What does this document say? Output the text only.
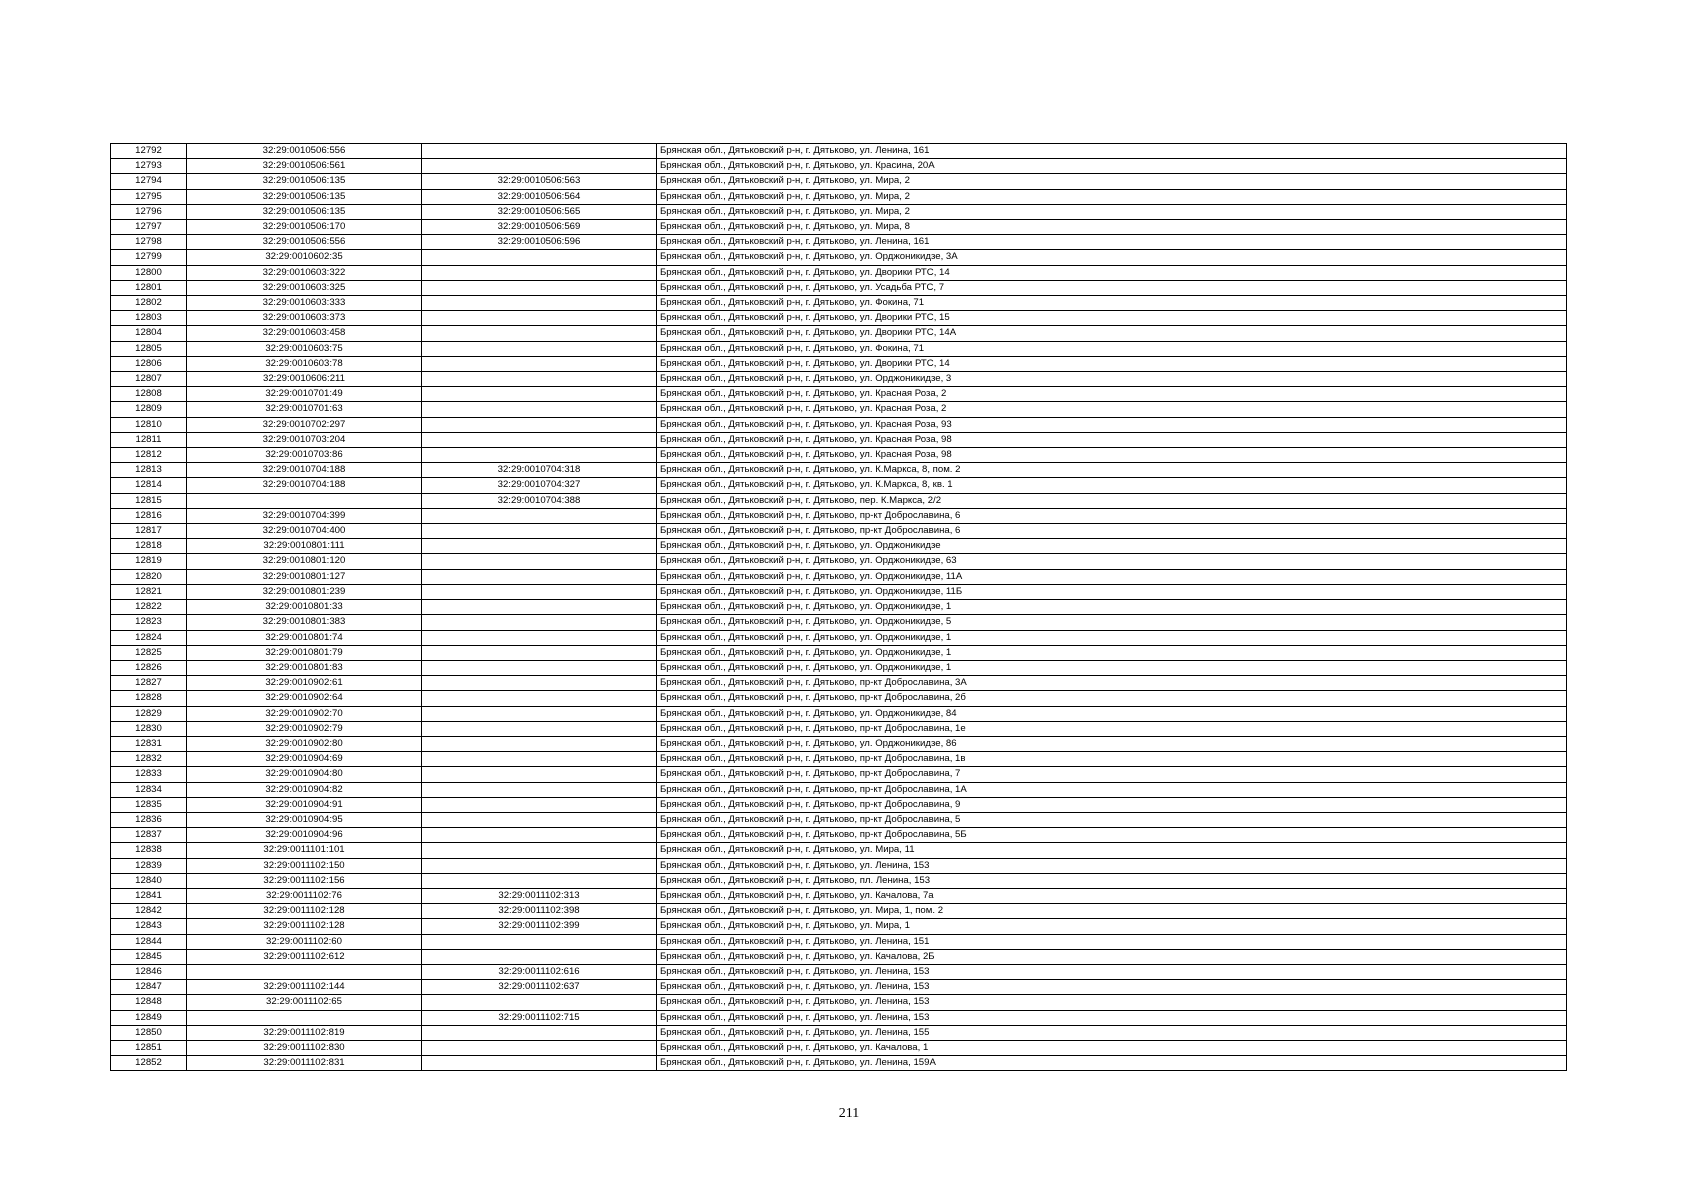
12792	32:29:0010506:556		Брянская обл., Дятьковский р-н, г. Дятьково, ул. Ленина, 161
12793	32:29:0010506:561		Брянская обл., Дятьковский р-н, г. Дятьково, ул. Красина, 20А
12794	32:29:0010506:135	32:29:0010506:563	Брянская обл., Дятьковский р-н, г. Дятьково, ул. Мира, 2
12795	32:29:0010506:135	32:29:0010506:564	Брянская обл., Дятьковский р-н, г. Дятьково, ул. Мира, 2
12796	32:29:0010506:135	32:29:0010506:565	Брянская обл., Дятьковский р-н, г. Дятьково, ул. Мира, 2
12797	32:29:0010506:170	32:29:0010506:569	Брянская обл., Дятьковский р-н, г. Дятьково, ул. Мира, 8
12798	32:29:0010506:556	32:29:0010506:596	Брянская обл., Дятьковский р-н, г. Дятьково, ул. Ленина, 161
12799	32:29:0010602:35		Брянская обл., Дятьковский р-н, г. Дятьково, ул. Орджоникидзе, 3А
12800	32:29:0010603:322		Брянская обл., Дятьковский р-н, г. Дятьково, ул. Дворики РТС, 14
12801	32:29:0010603:325		Брянская обл., Дятьковский р-н, г. Дятьково, ул. Усадьба РТС, 7
12802	32:29:0010603:333		Брянская обл., Дятьковский р-н, г. Дятьково, ул. Фокина, 71
12803	32:29:0010603:373		Брянская обл., Дятьковский р-н, г. Дятьково, ул. Дворики РТС, 15
12804	32:29:0010603:458		Брянская обл., Дятьковский р-н, г. Дятьково, ул. Дворики РТС, 14А
12805	32:29:0010603:75		Брянская обл., Дятьковский р-н, г. Дятьково, ул. Фокина, 71
12806	32:29:0010603:78		Брянская обл., Дятьковский р-н, г. Дятьково, ул. Дворики РТС, 14
12807	32:29:0010606:211		Брянская обл., Дятьковский р-н, г. Дятьково, ул. Орджоникидзе, 3
12808	32:29:0010701:49		Брянская обл., Дятьковский р-н, г. Дятьково, ул. Красная Роза, 2
12809	32:29:0010701:63		Брянская обл., Дятьковский р-н, г. Дятьково, ул. Красная Роза, 2
12810	32:29:0010702:297		Брянская обл., Дятьковский р-н, г. Дятьково, ул. Красная Роза, 93
12811	32:29:0010703:204		Брянская обл., Дятьковский р-н, г. Дятьково, ул. Красная Роза, 98
12812	32:29:0010703:86		Брянская обл., Дятьковский р-н, г. Дятьково, ул. Красная Роза, 98
12813	32:29:0010704:188	32:29:0010704:318	Брянская обл., Дятьковский р-н, г. Дятьково, ул. К.Маркса, 8, пом. 2
12814	32:29:0010704:188	32:29:0010704:327	Брянская обл., Дятьковский р-н, г. Дятьково, ул. К.Маркса, 8, кв. 1
12815		32:29:0010704:388	Брянская обл., Дятьковский р-н, г. Дятьково, пер. К.Маркса, 2/2
12816	32:29:0010704:399		Брянская обл., Дятьковский р-н, г. Дятьково, пр-кт Доброславина, 6
12817	32:29:0010704:400		Брянская обл., Дятьковский р-н, г. Дятьково, пр-кт Доброславина, 6
12818	32:29:0010801:111		Брянская обл., Дятьковский р-н, г. Дятьково, ул. Орджоникидзе
12819	32:29:0010801:120		Брянская обл., Дятьковский р-н, г. Дятьково, ул. Орджоникидзе, 63
12820	32:29:0010801:127		Брянская обл., Дятьковский р-н, г. Дятьково, ул. Орджоникидзе, 11А
12821	32:29:0010801:239		Брянская обл., Дятьковский р-н, г. Дятьково, ул. Орджоникидзе, 11Б
12822	32:29:0010801:33		Брянская обл., Дятьковский р-н, г. Дятьково, ул. Орджоникидзе, 1
12823	32:29:0010801:383		Брянская обл., Дятьковский р-н, г. Дятьково, ул. Орджоникидзе, 5
12824	32:29:0010801:74		Брянская обл., Дятьковский р-н, г. Дятьково, ул. Орджоникидзе, 1
12825	32:29:0010801:79		Брянская обл., Дятьковский р-н, г. Дятьково, ул. Орджоникидзе, 1
12826	32:29:0010801:83		Брянская обл., Дятьковский р-н, г. Дятьково, ул. Орджоникидзе, 1
12827	32:29:0010902:61		Брянская обл., Дятьковский р-н, г. Дятьково, пр-кт Доброславина, 3А
12828	32:29:0010902:64		Брянская обл., Дятьковский р-н, г. Дятьково, пр-кт Доброславина, 2б
12829	32:29:0010902:70		Брянская обл., Дятьковский р-н, г. Дятьково, ул. Орджоникидзе, 84
12830	32:29:0010902:79		Брянская обл., Дятьковский р-н, г. Дятьково, пр-кт Доброславина, 1е
12831	32:29:0010902:80		Брянская обл., Дятьковский р-н, г. Дятьково, ул. Орджоникидзе, 86
12832	32:29:0010904:69		Брянская обл., Дятьковский р-н, г. Дятьково, пр-кт Доброславина, 1в
12833	32:29:0010904:80		Брянская обл., Дятьковский р-н, г. Дятьково, пр-кт Доброславина, 7
12834	32:29:0010904:82		Брянская обл., Дятьковский р-н, г. Дятьково, пр-кт Доброславина, 1А
12835	32:29:0010904:91		Брянская обл., Дятьковский р-н, г. Дятьково, пр-кт Доброславина, 9
12836	32:29:0010904:95		Брянская обл., Дятьковский р-н, г. Дятьково, пр-кт Доброславина, 5
12837	32:29:0010904:96		Брянская обл., Дятьковский р-н, г. Дятьково, пр-кт Доброславина, 5Б
12838	32:29:0011101:101		Брянская обл., Дятьковский р-н, г. Дятьково, ул. Мира, 11
12839	32:29:0011102:150		Брянская обл., Дятьковский р-н, г. Дятьково, ул. Ленина, 153
12840	32:29:0011102:156		Брянская обл., Дятьковский р-н, г. Дятьково, пл. Ленина, 153
12841	32:29:0011102:76	32:29:0011102:313	Брянская обл., Дятьковский р-н, г. Дятьково, ул. Качалова, 7а
12842	32:29:0011102:128	32:29:0011102:398	Брянская обл., Дятьковский р-н, г. Дятьково, ул. Мира, 1, пом. 2
12843	32:29:0011102:128	32:29:0011102:399	Брянская обл., Дятьковский р-н, г. Дятьково, ул. Мира, 1
12844	32:29:0011102:60		Брянская обл., Дятьковский р-н, г. Дятьково, ул. Ленина, 151
12845	32:29:0011102:612		Брянская обл., Дятьковский р-н, г. Дятьково, ул. Качалова, 2Б
12846		32:29:0011102:616	Брянская обл., Дятьковский р-н, г. Дятьково, ул. Ленина, 153
12847	32:29:0011102:144	32:29:0011102:637	Брянская обл., Дятьковский р-н, г. Дятьково, ул. Ленина, 153
12848	32:29:0011102:65		Брянская обл., Дятьковский р-н, г. Дятьково, ул. Ленина, 153
12849		32:29:0011102:715	Брянская обл., Дятьковский р-н, г. Дятьково, ул. Ленина, 153
12850	32:29:0011102:819		Брянская обл., Дятьковский р-н, г. Дятьково, ул. Ленина, 155
12851	32:29:0011102:830		Брянская обл., Дятьковский р-н, г. Дятьково, ул. Качалова, 1
12852	32:29:0011102:831		Брянская обл., Дятьковский р-н, г. Дятьково, ул. Ленина, 159А
211
